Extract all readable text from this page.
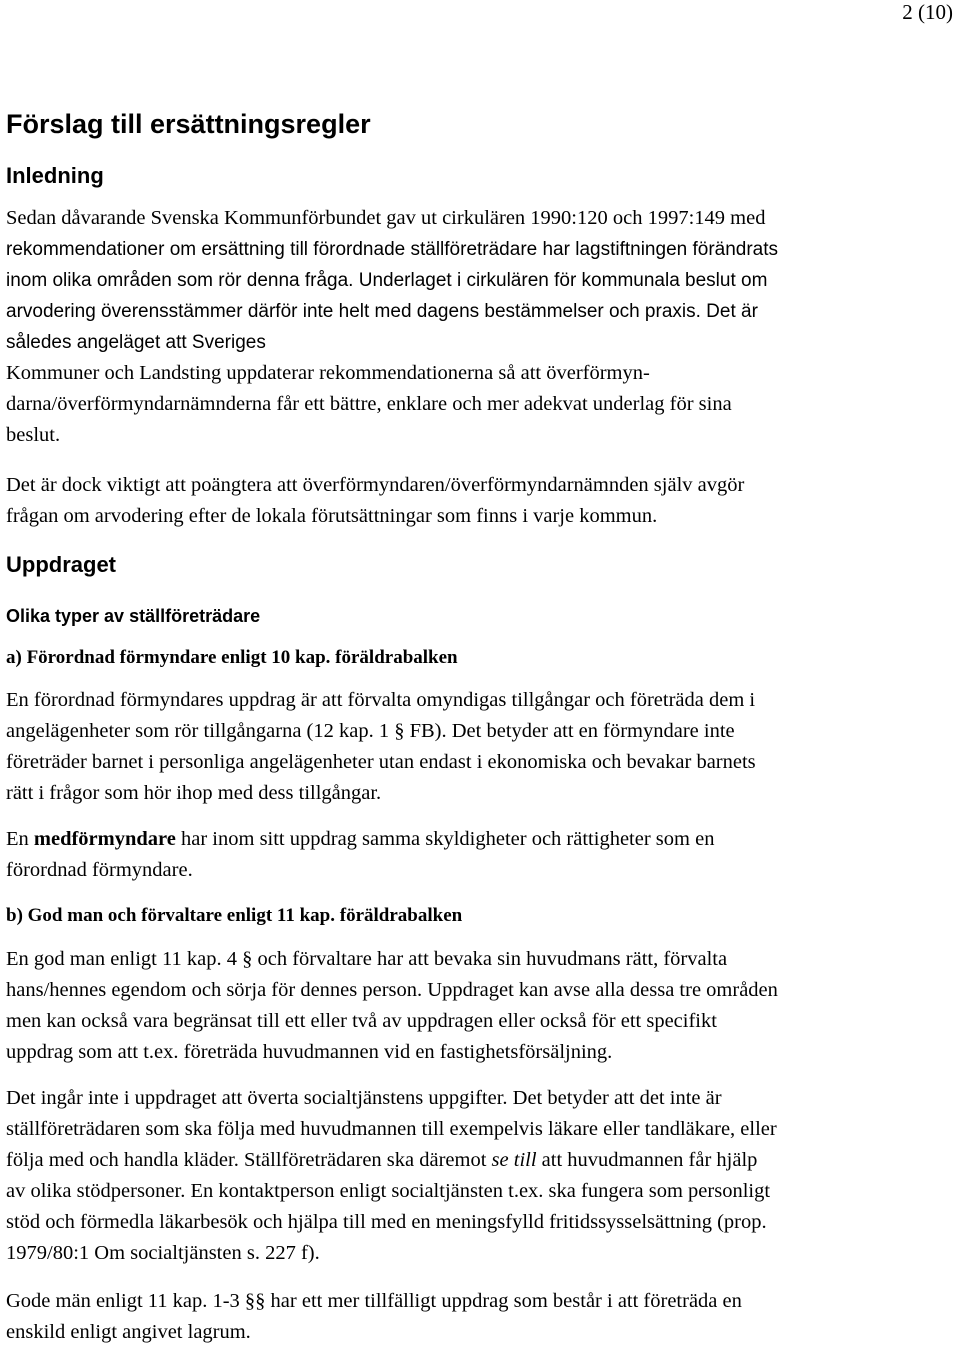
2 (10)
Förslag till ersättningsregler
Inledning
Sedan dåvarande Svenska Kommunförbundet gav ut cirkulären 1990:120 och 1997:149 med
rekommendationer om ersättning till förordnade ställföreträdare har lagstiftningen förändrats
inom olika områden som rör denna fråga. Underlaget i cirkulären för kommunala beslut om
arvodering överensstämmer därför inte helt med dagens bestämmelser och praxis. Det är
således angeläget att Sveriges
Kommuner och Landsting uppdaterar rekommendationerna så att överförmyn-
darna/överförmyndarnämnderna får ett bättre, enklare och mer adekvat underlag för sina
beslut.
Det är dock viktigt att poängtera att överförmyndaren/överförmyndarnämnden själv avgör
frågan om arvodering efter de lokala förutsättningar som finns i varje kommun.
Uppdraget
Olika typer av ställföreträdare
a) Förordnad förmyndare enligt 10 kap. föräldrabalken
En förordnad förmyndares uppdrag är att förvalta omyndigas tillgångar och företräda dem i
angelägenheter som rör tillgångarna (12 kap. 1 § FB). Det betyder att en förmyndare inte
företräder barnet i personliga angelägenheter utan endast i ekonomiska och bevakar barnets
rätt i frågor som hör ihop med dess tillgångar.
En medförmyndare har inom sitt uppdrag samma skyldigheter och rättigheter som en
förordnad förmyndare.
b) God man och förvaltare enligt 11 kap. föräldrabalken
En god man enligt 11 kap. 4 § och förvaltare har att bevaka sin huvudmans rätt, förvalta
hans/hennes egendom och sörja för dennes person. Uppdraget kan avse alla dessa tre områden
men kan också vara begränsat till ett eller två av uppdragen eller också för ett specifikt
uppdrag som att t.ex. företräda huvudmannen vid en fastighetsförsäljning.
Det ingår inte i uppdraget att överta socialtjänstens uppgifter. Det betyder att det inte är
ställföreträdaren som ska följa med huvudmannen till exempelvis läkare eller tandläkare, eller
följa med och handla kläder. Ställföreträdaren ska däremot se till att huvudmannen får hjälp
av olika stödpersoner. En kontaktperson enligt socialtjänsten t.ex. ska fungera som personligt
stöd och förmedla läkarbesök och hjälpa till med en meningsfylld fritidssysselsättning (prop.
1979/80:1 Om socialtjänsten s. 227 f).
Gode män enligt 11 kap. 1-3 §§ har ett mer tillfälligt uppdrag som består i att företräda en
enskild enligt angivet lagrum.
